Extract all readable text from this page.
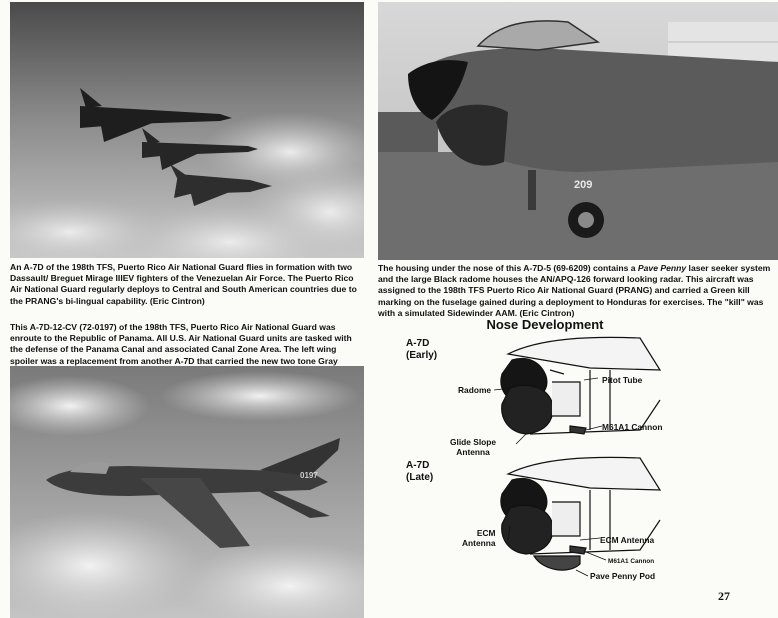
209

An A-7D of the 198th TFS, Puerto Rico Air National Guard flies in formation with two Dassault/ Breguet Mirage IIIEV fighters of the Venezuelan Air Force. The Puerto Rico Air National Guard regularly deploys to Central and South American countries due to the PRANG's bi-lingual capability. (Eric Cintron)

The housing under the nose of this A-7D-5 (69-6209) contains a Pave Penny laser seeker system and the large Black radome houses the AN/APQ-126 forward looking radar. This aircraft was assigned to the 198th TFS Puerto Rico Air National Guard (PRANG) and carried a Green kill marking on the fuselage gained during a deployment to Honduras for exercises. The "kill" was with a simulated Sidewinder AAM. (Eric Cintron)

This A-7D-12-CV (72-0197) of the 198th TFS, Puerto Rico Air National Guard was enroute to the Republic of Panama. All U.S. Air National Guard units are tasked with the defense of the Panama Canal and associated Canal Zone Area. The left wing spoiler was a replacement from another A-7D that carried the new two tone Gray

0197
Nose Development
A-7D
(Early)
A-7D
(Late)
Radome
Pitot Tube
M61A1 Cannon
Glide Slope
Antenna
ECM
Antenna	ECM Antenna
M61A1 Cannon
Pave Penny Pod
27
